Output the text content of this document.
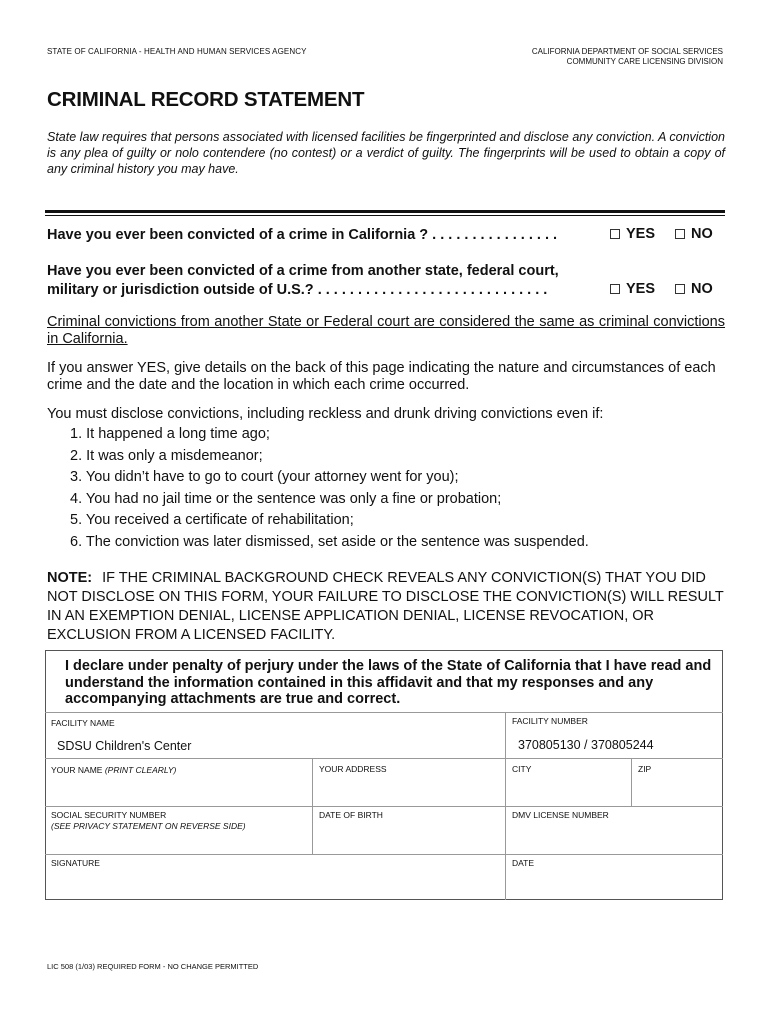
STATE OF CALIFORNIA - HEALTH AND HUMAN SERVICES AGENCY	CALIFORNIA DEPARTMENT OF SOCIAL SERVICES
COMMUNITY CARE LICENSING DIVISION
CRIMINAL RECORD STATEMENT
State law requires that persons associated with licensed facilities be fingerprinted and disclose any conviction. A conviction is any plea of guilty or nolo contendere (no contest) or a verdict of guilty. The fingerprints will be used to obtain a copy of any criminal history you may have.
Have you ever been convicted of a crime in California ? . . . . . . . . . . . . . . . .	YES NO
Have you ever been convicted of a crime from another state, federal court,
military or jurisdiction outside of U.S.? . . . . . . . . . . . . . . . . . . . . . . . . . . . . .	YES NO
Criminal convictions from another State or Federal court are considered the same as criminal convictions in California.
If you answer YES, give details on the back of this page indicating the nature and circumstances of each crime and the date and the location in which each crime occurred.
You must disclose convictions, including reckless and drunk driving convictions even if:
1. It happened a long time ago;
2. It was only a misdemeanor;
3. You didn’t have to go to court (your attorney went for you);
4. You had no jail time or the sentence was only a fine or probation;
5. You received a certificate of rehabilitation;
6. The conviction was later dismissed, set aside or the sentence was suspended.
NOTE: IF THE CRIMINAL BACKGROUND CHECK REVEALS ANY CONVICTION(S) THAT YOU DID NOT DISCLOSE ON THIS FORM, YOUR FAILURE TO DISCLOSE THE CONVICTION(S) WILL RESULT IN AN EXEMPTION DENIAL, LICENSE APPLICATION DENIAL, LICENSE REVOCATION, OR EXCLUSION FROM A LICENSED FACILITY.
I declare under penalty of perjury under the laws of the State of California that I have read and understand the information contained in this affidavit and that my responses and any accompanying attachments are true and correct.
FACILITY NAME
SDSU Children's Center
FACILITY NUMBER
370805130 / 370805244
YOUR NAME (PRINT CLEARLY)	YOUR ADDRESS	CITY	ZIP
SOCIAL SECURITY NUMBER
(SEE PRIVACY STATEMENT ON REVERSE SIDE)
DATE OF BIRTH	DMV LICENSE NUMBER
SIGNATURE	DATE
LIC 508 (1/03) REQUIRED FORM - NO CHANGE PERMITTED
